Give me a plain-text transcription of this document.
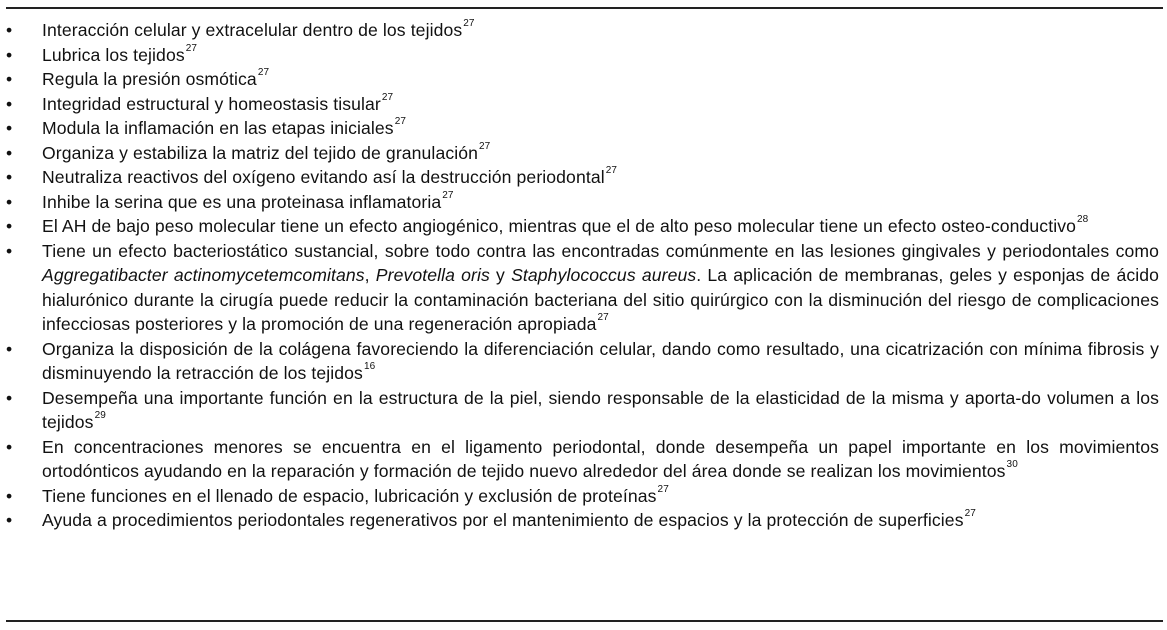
• Interacción celular y extracelular dentro de los tejidos$^{27}$
• Lubrica los tejidos$^{27}$
• Regula la presión osmótica$^{27}$
• Integridad estructural y homeostasis tisular$^{27}$
• Modula la inflamación en las etapas iniciales$^{27}$
• Organiza y estabiliza la matriz del tejido de granulación$^{27}$
• Neutraliza reactivos del oxígeno evitando así la destrucción periodontal$^{27}$
• Inhibe la serina que es una proteinasa inflamatoria$^{27}$
• El AH de bajo peso molecular tiene un efecto angiogénico, mientras que el de alto peso molecular tiene un efecto osteo-conductivo$^{28}$
• Tiene un efecto bacteriostático sustancial, sobre todo contra las encontradas comúnmente en las lesiones gingivales y periodontales como Aggregatibacter actinomycetemcomitans, Prevotella oris y Staphylococcus aureus. La aplicación de membranas, geles y esponjas de ácido hialurónico durante la cirugía puede reducir la contaminación bacteriana del sitio quirúrgico con la disminución del riesgo de complicaciones infecciosas posteriores y la promoción de una regeneración apropiada$^{27}$
• Organiza la disposición de la colágena favoreciendo la diferenciación celular, dando como resultado, una cicatrización con mínima fibrosis y disminuyendo la retracción de los tejidos$^{16}$
• Desempeña una importante función en la estructura de la piel, siendo responsable de la elasticidad de la misma y aporta-do volumen a los tejidos$^{29}$
• En concentraciones menores se encuentra en el ligamento periodontal, donde desempeña un papel importante en los movimientos ortodónticos ayudando en la reparación y formación de tejido nuevo alrededor del área donde se realizan los movimientos$^{30}$
• Tiene funciones en el llenado de espacio, lubricación y exclusión de proteínas$^{27}$
• Ayuda a procedimientos periodontales regenerativos por el mantenimiento de espacios y la protección de superficies$^{27}$
